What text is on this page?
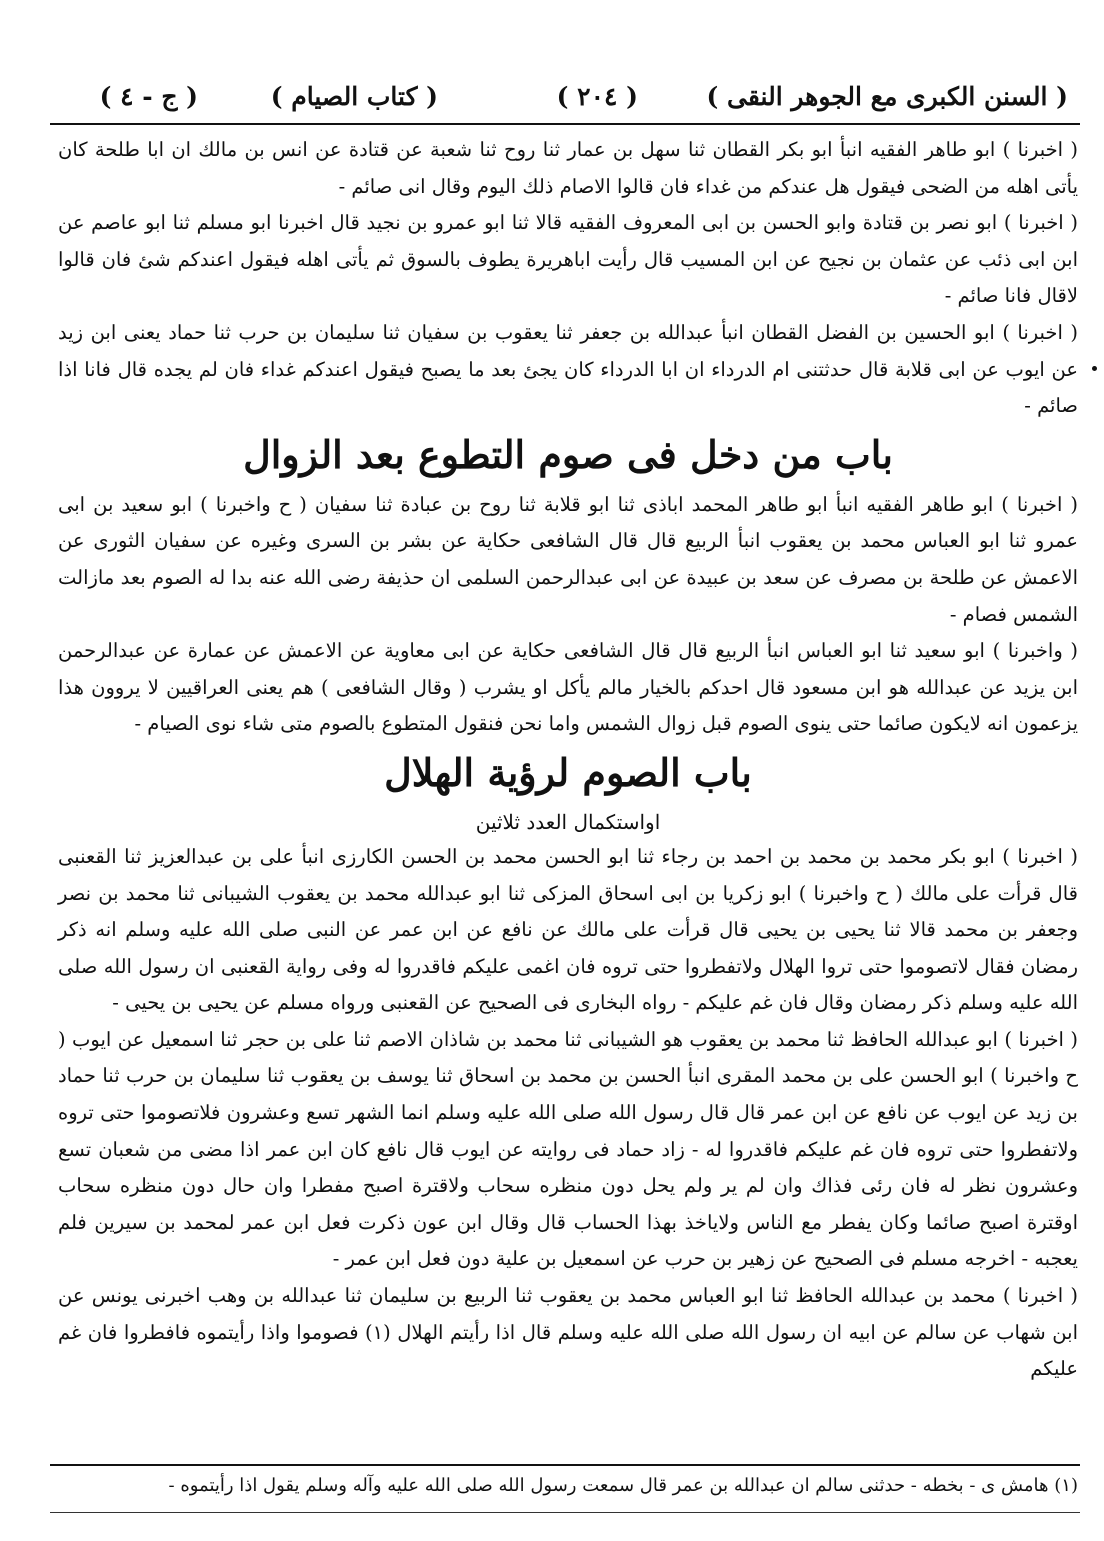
( السنن الكبرى مع الجوهر النقى )
( ٢٠٤ )
( كتاب الصيام )
( ج - ٤ )

( اخبرنا ) ابو طاهر الفقيه انبأ ابو بكر القطان ثنا سهل بن عمار ثنا روح ثنا شعبة عن قتادة عن انس بن مالك ان ابا طلحة كان يأتى اهله من الضحى فيقول هل عندكم من غداء فان قالوا الاصام ذلك اليوم وقال انى صائم -

( اخبرنا ) ابو نصر بن قتادة وابو الحسن بن ابى المعروف الفقيه قالا ثنا ابو عمرو بن نجيد قال اخبرنا ابو مسلم ثنا ابو عاصم عن ابن ابى ذئب عن عثمان بن نجيح عن ابن المسيب قال رأيت اباهريرة يطوف بالسوق ثم يأتى اهله فيقول اعندكم شئ فان قالوا لاقال فانا صائم -

( اخبرنا ) ابو الحسين بن الفضل القطان انبأ عبدالله بن جعفر ثنا يعقوب بن سفيان ثنا سليمان بن حرب ثنا حماد يعنى ابن زيد عن ايوب عن ابى قلابة قال حدثتنى ام الدرداء ان ابا الدرداء كان يجئ بعد ما يصبح فيقول اعندكم غداء فان لم يجده قال فانا اذا صائم -

باب من دخل فى صوم التطوع بعد الزوال

( اخبرنا ) ابو طاهر الفقيه انبأ ابو طاهر المحمد اباذى ثنا ابو قلابة ثنا روح بن عبادة ثنا سفيان ( ح واخبرنا ) ابو سعيد بن ابى عمرو ثنا ابو العباس محمد بن يعقوب انبأ الربيع قال قال الشافعى حكاية عن بشر بن السرى وغيره عن سفيان الثورى عن الاعمش عن طلحة بن مصرف عن سعد بن عبيدة عن ابى عبدالرحمن السلمى ان حذيفة رضى الله عنه بدا له الصوم بعد مازالت الشمس فصام -

( واخبرنا ) ابو سعيد ثنا ابو العباس انبأ الربيع قال قال الشافعى حكاية عن ابى معاوية عن الاعمش عن عمارة عن عبدالرحمن ابن يزيد عن عبدالله هو ابن مسعود قال احدكم بالخيار مالم يأكل او يشرب ( وقال الشافعى ) هم يعنى العراقيين لا يروون هذا يزعمون انه لايكون صائما حتى ينوى الصوم قبل زوال الشمس واما نحن فنقول المتطوع بالصوم متى شاء نوى الصيام -

باب الصوم لرؤية الهلال
اواستكمال العدد ثلاثين

( اخبرنا ) ابو بكر محمد بن محمد بن احمد بن رجاء ثنا ابو الحسن محمد بن الحسن الكارزى انبأ على بن عبدالعزيز ثنا القعنبى قال قرأت على مالك ( ح واخبرنا ) ابو زكريا بن ابى اسحاق المزكى ثنا ابو عبدالله محمد بن يعقوب الشيبانى ثنا محمد بن نصر وجعفر بن محمد قالا ثنا يحيى بن يحيى قال قرأت على مالك عن نافع عن ابن عمر عن النبى صلى الله عليه وسلم انه ذكر رمضان فقال لاتصوموا حتى تروا الهلال ولاتفطروا حتى تروه فان اغمى عليكم فاقدروا له وفى رواية القعنبى ان رسول الله صلى الله عليه وسلم ذكر رمضان وقال فان غم عليكم - رواه البخارى فى الصحيح عن القعنبى ورواه مسلم عن يحيى بن يحيى -

( اخبرنا ) ابو عبدالله الحافظ ثنا محمد بن يعقوب هو الشيبانى ثنا محمد بن شاذان الاصم ثنا على بن حجر ثنا اسمعيل عن ايوب ( ح واخبرنا ) ابو الحسن على بن محمد المقرى انبأ الحسن بن محمد بن اسحاق ثنا يوسف بن يعقوب ثنا سليمان بن حرب ثنا حماد بن زيد عن ايوب عن نافع عن ابن عمر قال قال رسول الله صلى الله عليه وسلم انما الشهر تسع وعشرون فلاتصوموا حتى تروه ولاتفطروا حتى تروه فان غم عليكم فاقدروا له - زاد حماد فى روايته عن ايوب قال نافع كان ابن عمر اذا مضى من شعبان تسع وعشرون نظر له فان رئى فذاك وان لم ير ولم يحل دون منظره سحاب ولاقترة اصبح مفطرا وان حال دون منظره سحاب اوقترة اصبح صائما وكان يفطر مع الناس ولاياخذ بهذا الحساب قال وقال ابن عون ذكرت فعل ابن عمر لمحمد بن سيرين فلم يعجبه - اخرجه مسلم فى الصحيح عن زهير بن حرب عن اسمعيل بن علية دون فعل ابن عمر -

( اخبرنا ) محمد بن عبدالله الحافظ ثنا ابو العباس محمد بن يعقوب ثنا الربيع بن سليمان ثنا عبدالله بن وهب اخبرنى يونس عن ابن شهاب عن سالم عن ابيه ان رسول الله صلى الله عليه وسلم قال اذا رأيتم الهلال (١) فصوموا واذا رأيتموه فافطروا فان غم عليكم

(١) هامش ى - بخطه - حدثنى سالم ان عبدالله بن عمر قال سمعت رسول الله صلى الله عليه وآله وسلم يقول اذا رأيتموه -
